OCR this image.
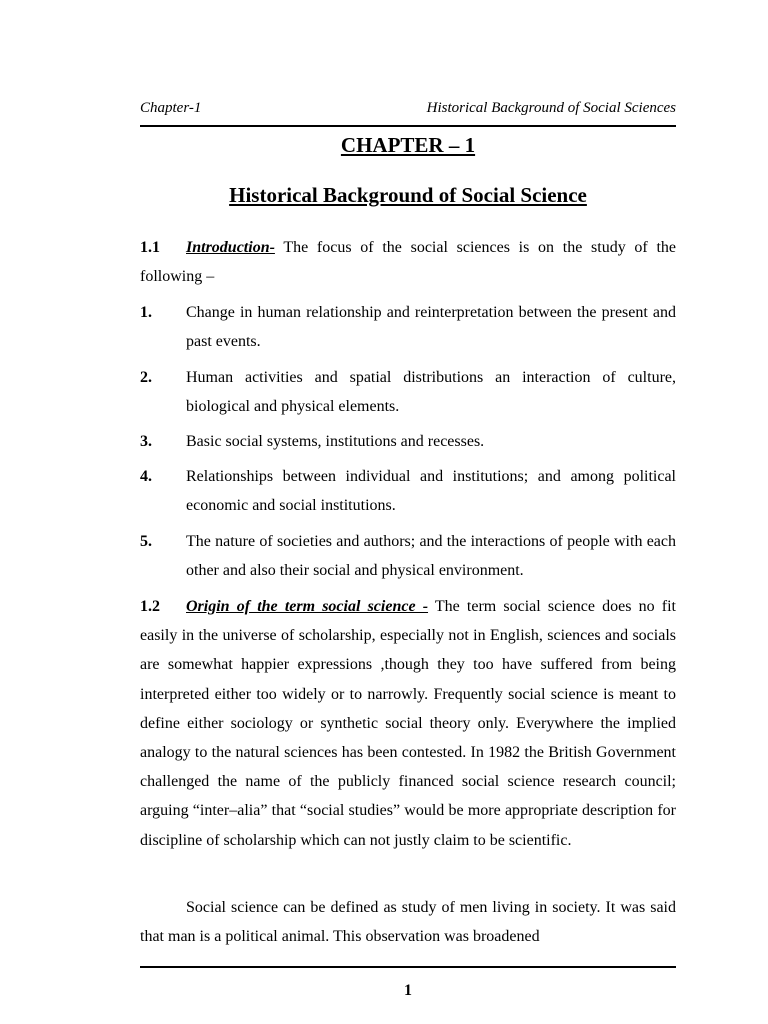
Chapter-1	Historical Background of Social Sciences
CHAPTER – 1
Historical Background of Social Science
1.1 Introduction- The focus of the social sciences is on the study of the following –
1. Change in human relationship and reinterpretation between the present and past events.
2. Human activities and spatial distributions an interaction of culture, biological and physical elements.
3. Basic social systems, institutions and recesses.
4. Relationships between individual and institutions; and among political economic and social institutions.
5. The nature of societies and authors; and the interactions of people with each other and also their social and physical environment.
1.2 Origin of the term social science - The term social science does no fit easily in the universe of scholarship, especially not in English, sciences and socials are somewhat happier expressions ,though they too have suffered from being interpreted either too widely or to narrowly. Frequently social science is meant to define either sociology or synthetic social theory only. Everywhere the implied analogy to the natural sciences has been contested. In 1982 the British Government challenged the name of the publicly financed social science research council; arguing “inter–alia” that “social studies” would be more appropriate description for discipline of scholarship which can not justly claim to be scientific.
Social science can be defined as study of men living in society. It was said that man is a political animal. This observation was broadened
1
